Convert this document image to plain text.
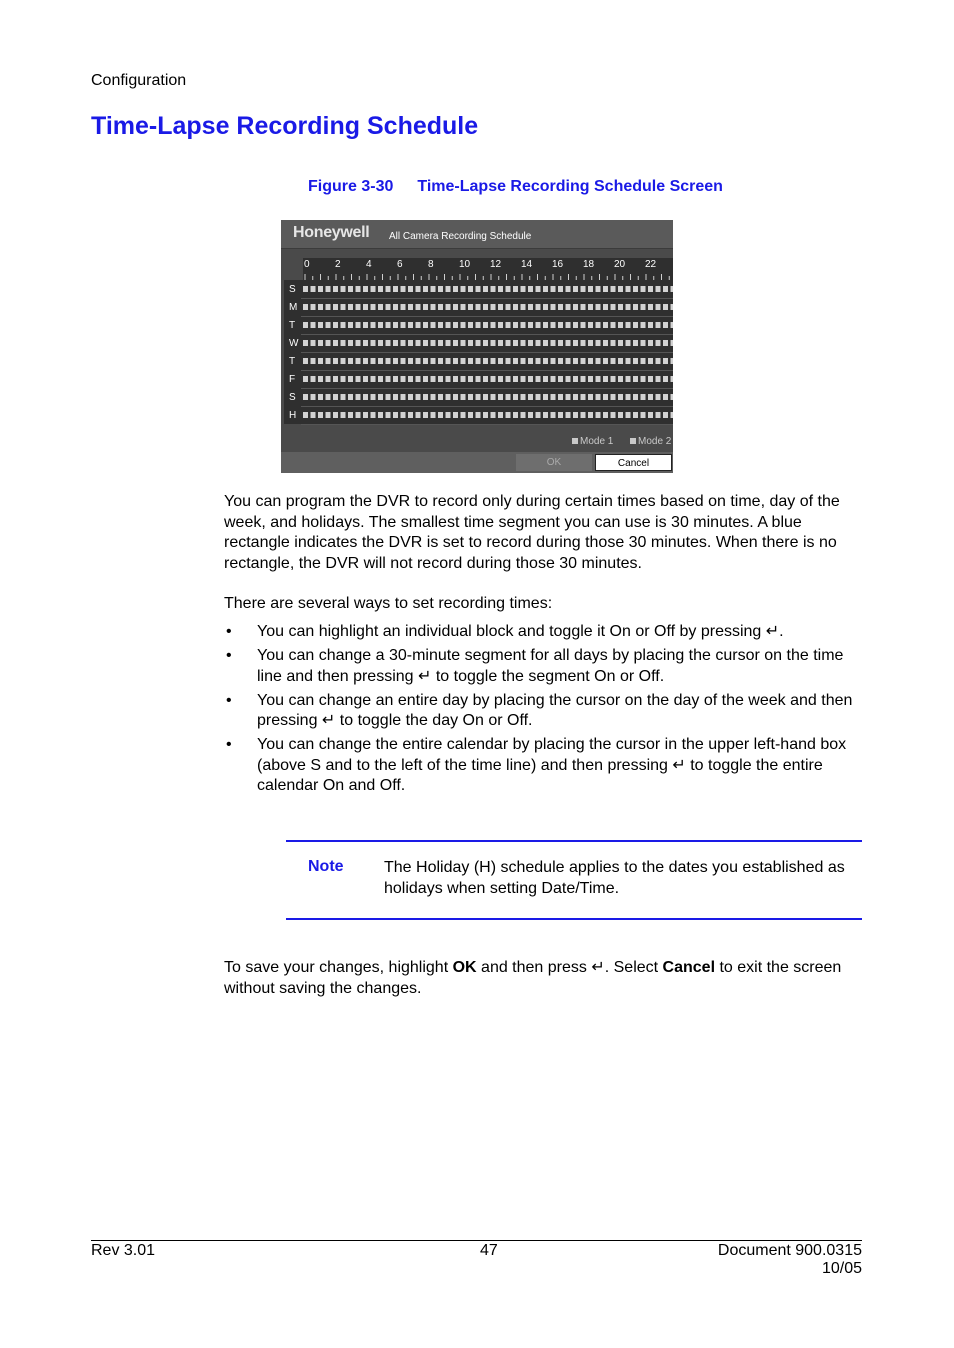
Configuration
Time-Lapse Recording Schedule
Figure 3-30 Time-Lapse Recording Schedule Screen
Honeywell All Camera Recording Schedule
0	2	4	6	8	10 12 14 16 18 20 22
S
M
T
W
T
F
S
H
Mode 1	Mode 2
OK	Cancel

You can program the DVR to record only during certain times based on time, day of the week, and holidays. The smallest time segment you can use is 30 minutes. A blue rectangle indicates the DVR is set to record during those 30 minutes. When there is no rectangle, the DVR will not record during those 30 minutes.

There are several ways to set recording times:

• You can highlight an individual block and toggle it On or Off by pressing ↵.
• You can change a 30-minute segment for all days by placing the cursor on the time line and then pressing ↵ to toggle the segment On or Off.
• You can change an entire day by placing the cursor on the day of the week and then pressing ↵ to toggle the day On or Off.
• You can change the entire calendar by placing the cursor in the upper left-hand box (above S and to the left of the time line) and then pressing ↵ to toggle the entire calendar On and Off.
Note	The Holiday (H) schedule applies to the dates you established as holidays when setting Date/Time.

To save your changes, highlight OK and then press ↵. Select Cancel to exit the screen without saving the changes.

Rev 3.01	47	Document 900.0315
10/05
